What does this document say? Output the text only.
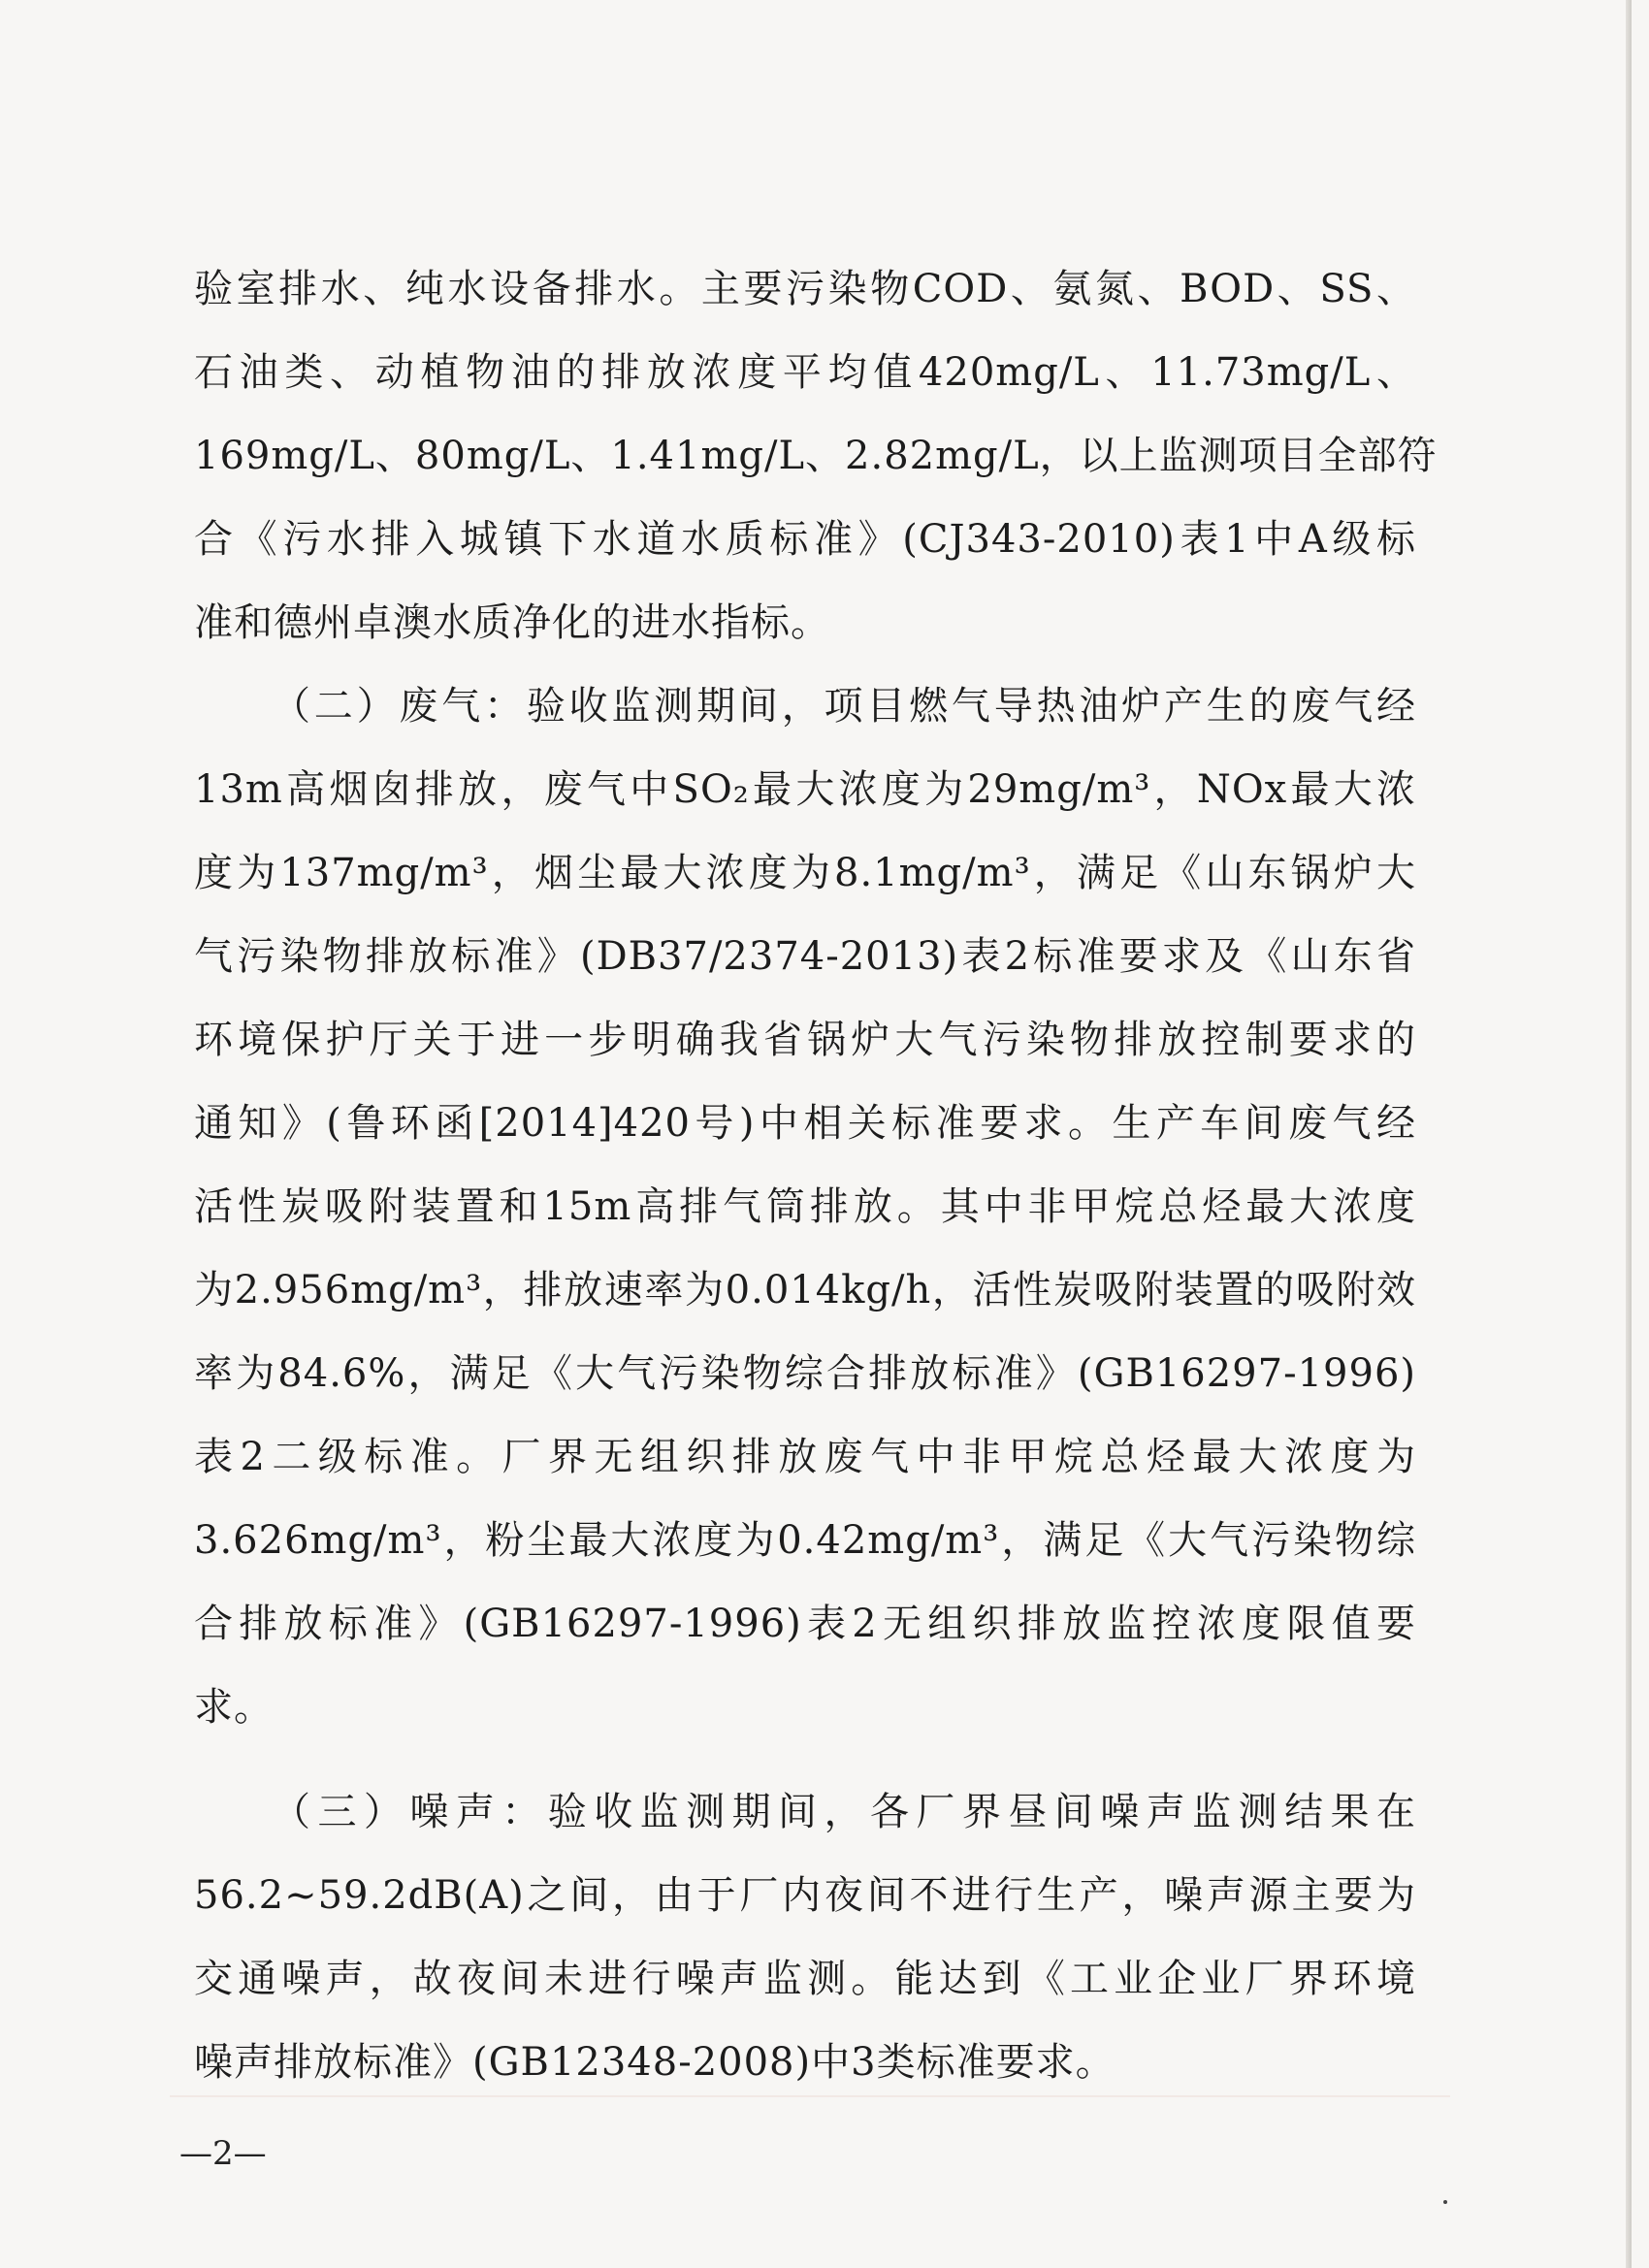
验室排水、纯水设备排水。主要污染物COD、氨氮、BOD、SS、
石油类、动植物油的排放浓度平均值420mg/L、11.73mg/L、
169mg/L、80mg/L、1.41mg/L、2.82mg/L，以上监测项目全部符
合《污水排入城镇下水道水质标准》(CJ343-2010)表1中A级标
准和德州卓澳水质净化的进水指标。
（二）废气：验收监测期间，项目燃气导热油炉产生的废气经
13m高烟囱排放，废气中SO₂最大浓度为29mg/m³，NOx最大浓
度为137mg/m³，烟尘最大浓度为8.1mg/m³，满足《山东锅炉大
气污染物排放标准》(DB37/2374-2013)表2标准要求及《山东省
环境保护厅关于进一步明确我省锅炉大气污染物排放控制要求的
通知》(鲁环函[2014]420号)中相关标准要求。生产车间废气经
活性炭吸附装置和15m高排气筒排放。其中非甲烷总烃最大浓度
为2.956mg/m³，排放速率为0.014kg/h，活性炭吸附装置的吸附效
率为84.6%，满足《大气污染物综合排放标准》(GB16297-1996)
表2二级标准。厂界无组织排放废气中非甲烷总烃最大浓度为
3.626mg/m³，粉尘最大浓度为0.42mg/m³，满足《大气污染物综
合排放标准》(GB16297-1996)表2无组织排放监控浓度限值要
求。
（三）噪声：验收监测期间，各厂界昼间噪声监测结果在
56.2~59.2dB(A)之间，由于厂内夜间不进行生产，噪声源主要为
交通噪声，故夜间未进行噪声监测。能达到《工业企业厂界环境
噪声排放标准》(GB12348-2008)中3类标准要求。
—2—
